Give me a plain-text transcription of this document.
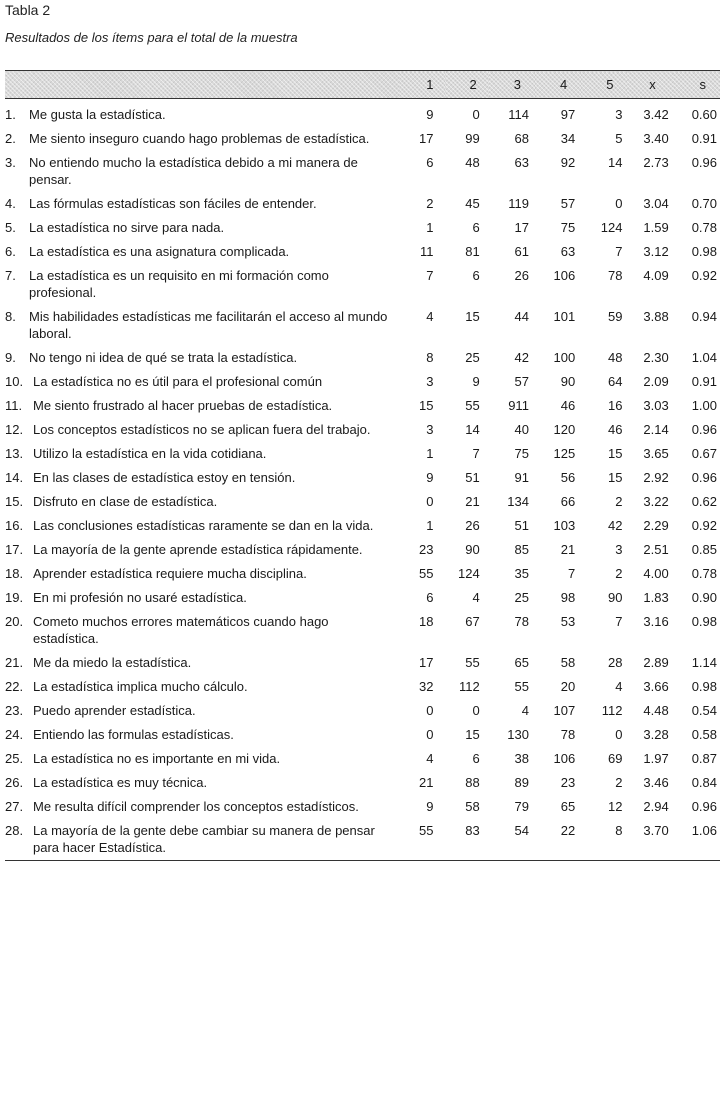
Tabla 2
Resultados de los ítems para el total de la muestra
	1	2	3	4	5	x	s

1. Me gusta la estadística.	9	0	114	97	3	3.42	0.60

2. Me siento inseguro cuando hago problemas de estadística.	17	99	68	34	5	3.40	0.91

3. No entiendo mucho la estadística debido a mi manera de pensar.	6	48	63	92	14	2.73	0.96

4. Las fórmulas estadísticas son fáciles de entender.	2	45	119	57	0	3.04	0.70

5. La estadística no sirve para nada.	1	6	17	75	124	1.59	0.78

6. La estadística es una asignatura complicada.	11	81	61	63	7	3.12	0.98

7. La estadística es un requisito en mi formación como profesional.	7	6	26	106	78	4.09	0.92

8. Mis habilidades estadísticas me facilitarán el acceso al mundo laboral.	4	15	44	101	59	3.88	0.94

9. No tengo ni idea de qué se trata la estadística.	8	25	42	100	48	2.30	1.04

10. La estadística no es útil para el profesional común	3	9	57	90	64	2.09	0.91

11. Me siento frustrado al hacer pruebas de estadística.	15	55	911	46	16	3.03	1.00

12. Los conceptos estadísticos no se aplican fuera del trabajo.	3	14	40	120	46	2.14	0.96

13. Utilizo la estadística en la vida cotidiana.	1	7	75	125	15	3.65	0.67

14. En las clases de estadística estoy en tensión.	9	51	91	56	15	2.92	0.96

15. Disfruto en clase de estadística.	0	21	134	66	2	3.22	0.62

16. Las conclusiones estadísticas raramente se dan en la vida.	1	26	51	103	42	2.29	0.92

17. La mayoría de la gente aprende estadística rápidamente.	23	90	85	21	3	2.51	0.85

18. Aprender estadística requiere mucha disciplina.	55	124	35	7	2	4.00	0.78

19. En mi profesión no usaré estadística.	6	4	25	98	90	1.83	0.90

20. Cometo muchos errores matemáticos cuando hago estadística.	18	67	78	53	7	3.16	0.98

21. Me da miedo la estadística.	17	55	65	58	28	2.89	1.14

22. La estadística implica mucho cálculo.	32	112	55	20	4	3.66	0.98

23. Puedo aprender estadística.	0	0	4	107	112	4.48	0.54

24. Entiendo las formulas estadísticas.	0	15	130	78	0	3.28	0.58

25. La estadística no es importante en mi vida.	4	6	38	106	69	1.97	0.87

26. La estadística es muy técnica.	21	88	89	23	2	3.46	0.84

27. Me resulta difícil comprender los conceptos estadísticos.	9	58	79	65	12	2.94	0.96

28. La mayoría de la gente debe cambiar su manera de pensar para hacer Estadística.	55	83	54	22	8	3.70	1.06
